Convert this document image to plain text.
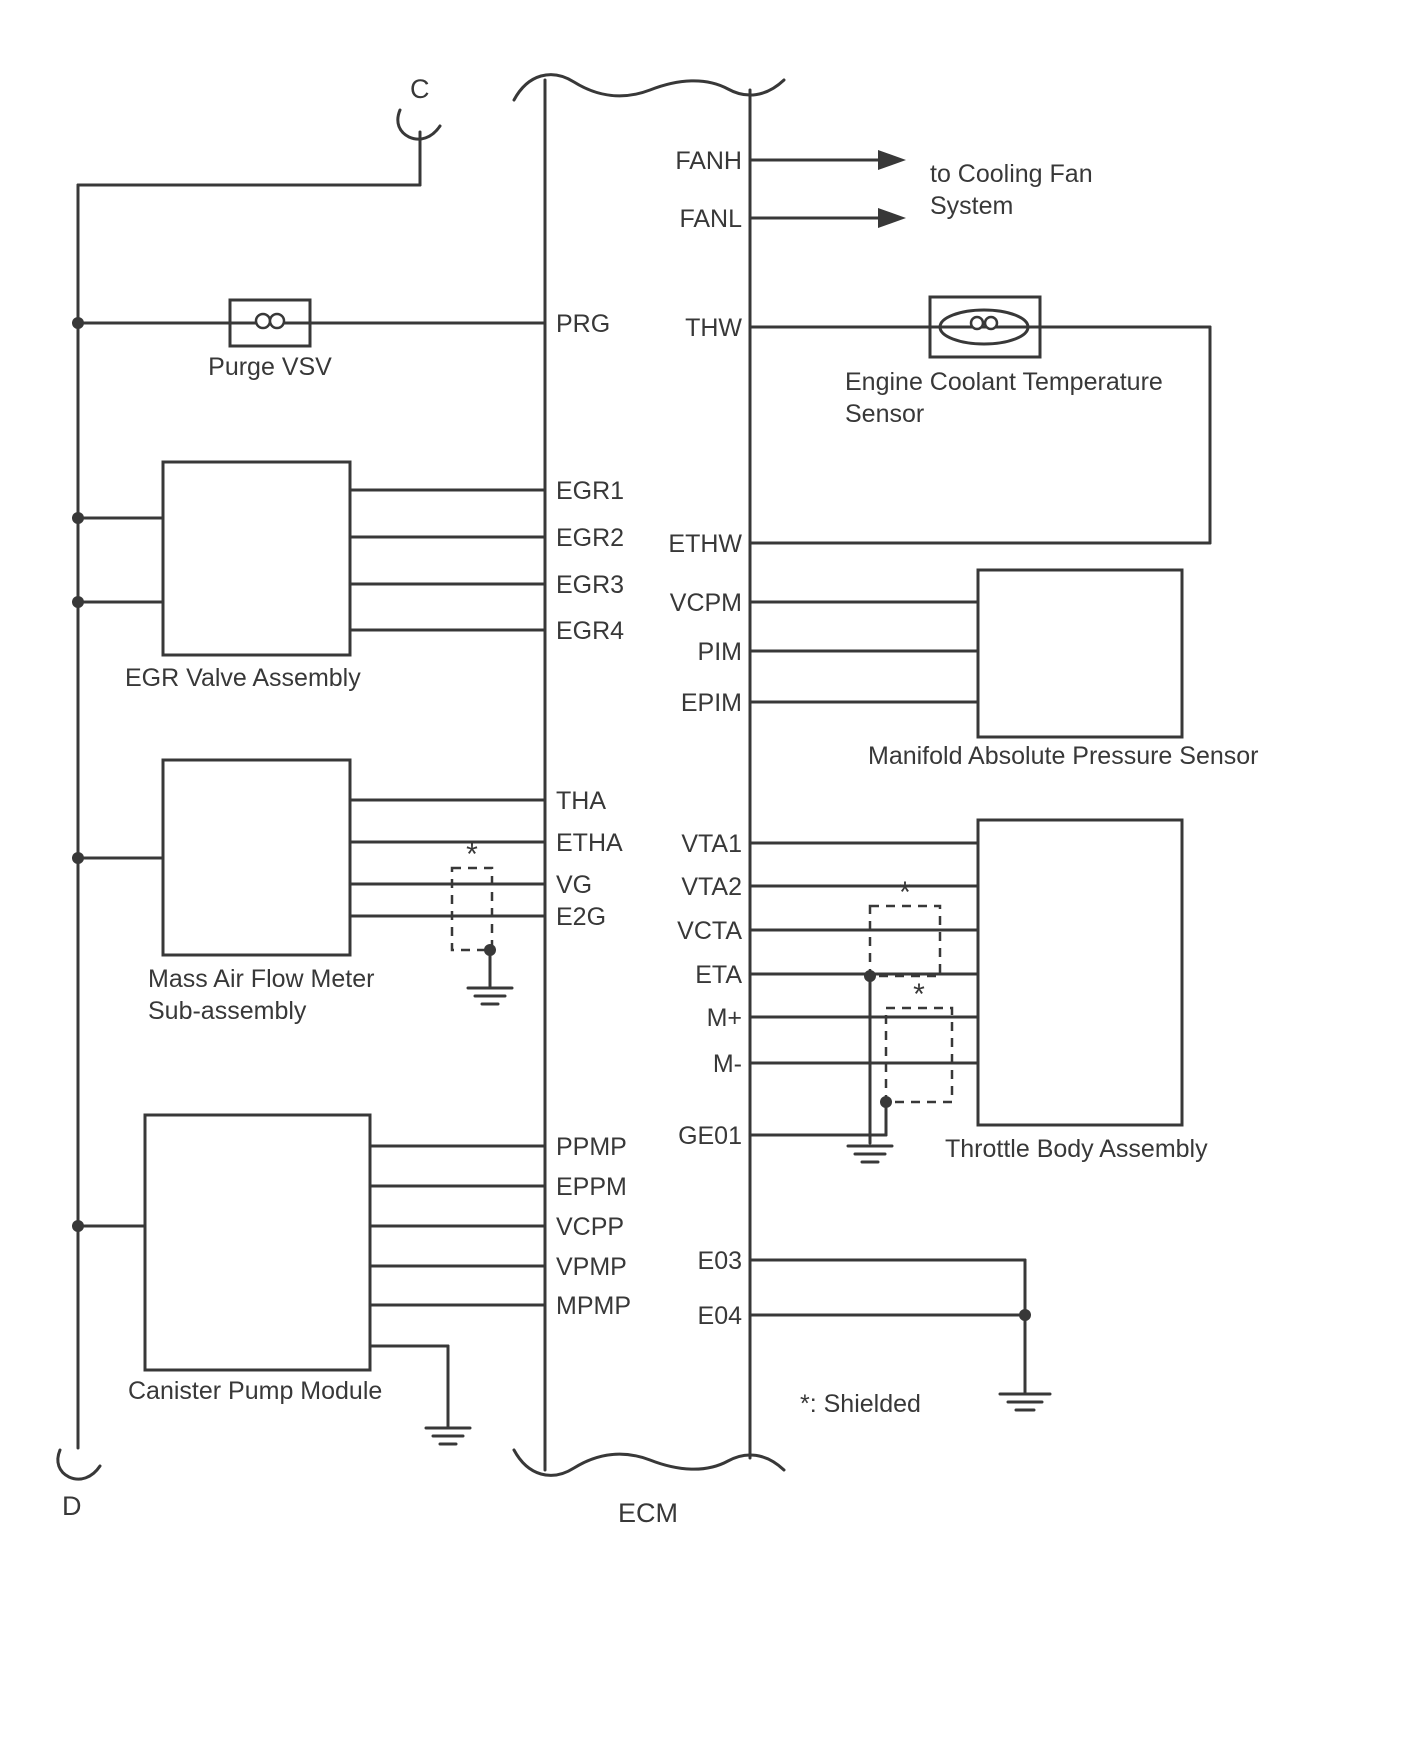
C
D	ECM
PRG
EGR1
EGR2
EGR3
EGR4
THA
ETHA
VG
E2G
PPMP
EPPM
VCPP
VPMP
MPMP
FANH
FANL
THW
ETHW
VCPM
PIM
EPIM
VTA1
VTA2
VCTA
ETA
M+
M-
GE01
E03
E04
Purge VSV
EGR Valve Assembly
Mass Air Flow Meter
Sub-assembly
Canister Pump Module
to Cooling Fan
System
Engine Coolant Temperature
Sensor
Manifold Absolute Pressure Sensor
Throttle Body Assembly
*: Shielded
*
*
*
